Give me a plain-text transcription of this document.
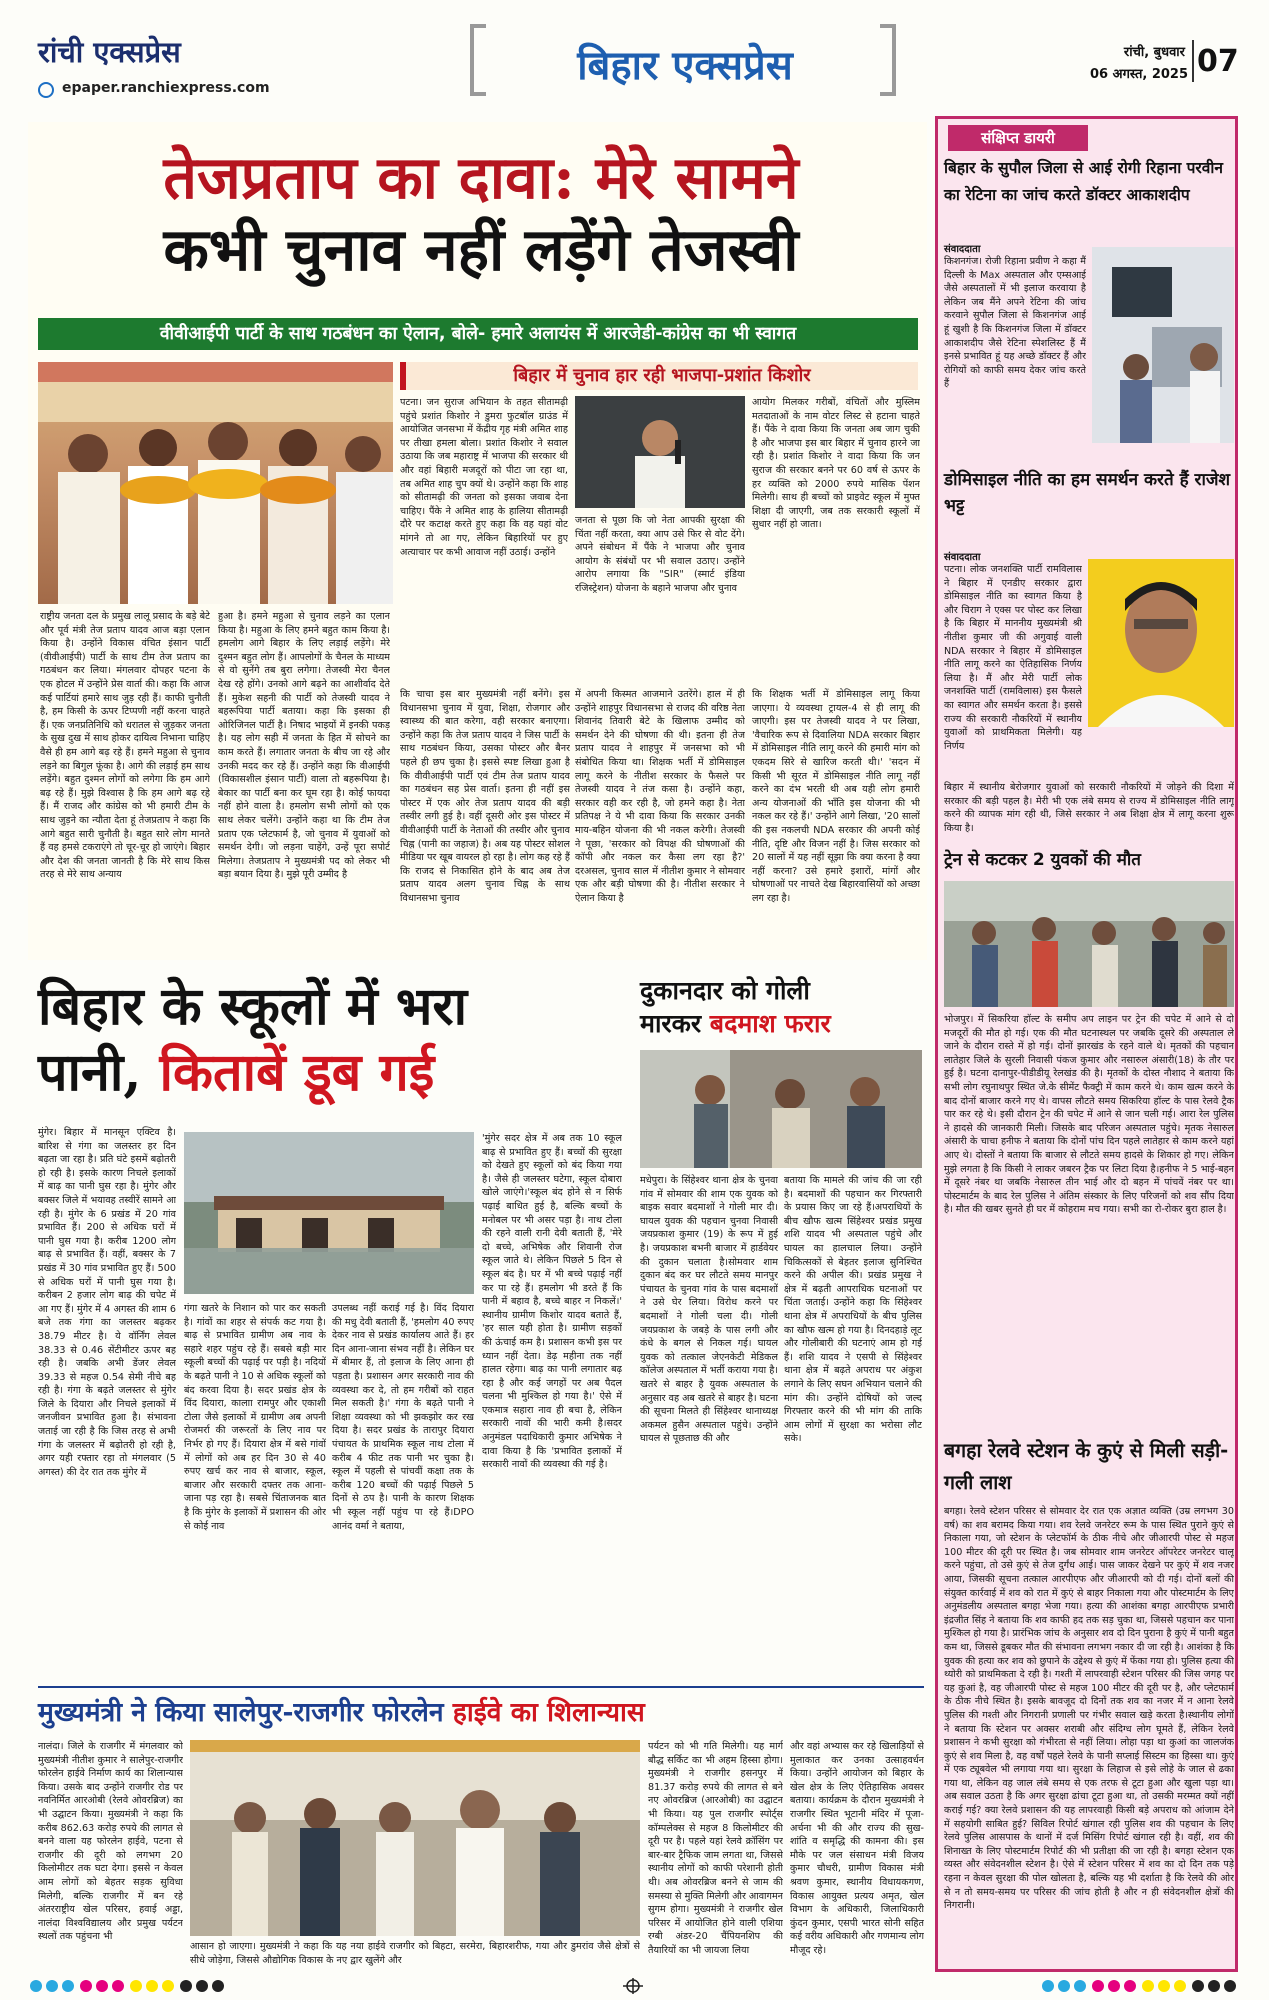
रांची एक्सप्रेस
epaper.ranchiexpress.com	बिहार एक्सप्रेस	रांची, बुधवार
06 अगस्त, 2025 07
तेजप्रताप का दावा: मेरे सामने
कभी चुनाव नहीं लड़ेंगे तेजस्वी
वीवीआईपी पार्टी के साथ गठबंधन का ऐलान, बोले- हमारे अलायंस में आरजेडी-कांग्रेस का भी स्वागत
राष्ट्रीय जनता दल के प्रमुख लालू प्रसाद के बड़े बेटे और पूर्व मंत्री तेज प्रताप यादव आज बड़ा एलान किया है। उन्होंने विकास वंचित इंसान पार्टी (वीवीआईपी) पार्टी के साथ टीम तेज प्रताप का गठबंधन कर लिया। मंगलवार दोपहर पटना के एक होटल में उन्होंने प्रेस वार्ता की। कहा कि आज कई पार्टियां हमारे साथ जुड़ रही हैं। काफी चुनौती है, हम किसी के ऊपर टिप्पणी नहीं करना चाहते हैं। एक जनप्रतिनिधि को धरातल से जुड़कर जनता के सुख दुख में साथ होकर दायित्व निभाना चाहिए वैसे ही हम आगे बढ़ रहे हैं। हमने महुआ से चुनाव लड़ने का बिगुल फूंका है। आगे की लड़ाई हम साथ लड़ेंगे। बहुत दुश्मन लोगों को लगेगा कि हम आगे बढ़ रहे हैं। मुझे विश्वास है कि हम आगे बढ़ रहे हैं। मैं राजद और कांग्रेस को भी हमारी टीम के साथ जुड़ने का न्यौता देता हूं तेजप्रताप ने कहा कि आगे बहुत सारी चुनौती है। बहुत सारे लोग मानते हैं वह हमसे टकराएंगे तो चूर-चूर हो जाएंगे। बिहार और देश की जनता जानती है कि मेरे साथ किस तरह से मेरे साथ अन्याय
हुआ है। हमने महुआ से चुनाव लड़ने का एलान किया है। महुआ के लिए हमने बहुत काम किया है। हमलोग आगे बिहार के लिए लड़ाई लड़ेंगे। मेरे दुश्मन बहुत लोग हैं। आपलोगों के चैनल के माध्यम से वो सुनेंगे तब बुरा लगेगा। तेजस्वी मेरा चैनल देख रहे होंगे। उनको आगे बढ़ने का आशीर्वाद देते हैं। मुकेश सहनी की पार्टी को तेजस्वी यादव ने बहरूपिया पार्टी बताया। कहा कि इसका ही ओरिजिनल पार्टी है। निषाद भाइयों में इनकी पकड़ है। यह लोग सही में जनता के हित में सोचने का काम करते हैं। लगातार जनता के बीच जा रहे और उनकी मदद कर रहे हैं। उन्होंने कहा कि वीआईपी (विकासशील इंसान पार्टी) वाला तो बहरूपिया है। बेकार का पार्टी बना कर घूम रहा है। कोई फायदा नहीं होने वाला है। हमलोग सभी लोगों को एक साथ लेकर चलेंगे। उन्होंने कहा था कि टीम तेज प्रताप एक प्लेटफार्म है, जो चुनाव में युवाओं को समर्थन देगी। जो लड़ना चाहेंगे, उन्हें पूरा सपोर्ट मिलेगा। तेजप्रताप ने मुख्यमंत्री पद को लेकर भी बड़ा बयान दिया है। मुझे पूरी उम्मीद है
बिहार में चुनाव हार रही भाजपा-प्रशांत किशोर
पटना। जन सुराज अभियान के तहत सीतामढ़ी पहुंचे प्रशांत किशोर ने डुमरा फुटबॉल ग्राउंड में आयोजित जनसभा में केंद्रीय गृह मंत्री अमित शाह पर तीखा हमला बोला। प्रशांत किशोर ने सवाल उठाया कि जब महाराष्ट्र में भाजपा की सरकार थी और वहां बिहारी मजदूरों को पीटा जा रहा था, तब अमित शाह चुप क्यों थे। उन्होंने कहा कि शाह को सीतामढ़ी की जनता को इसका जवाब देना चाहिए। पैंके ने अमित शाह के हालिया सीतामढ़ी दौरे पर कटाक्ष करते हुए कहा कि वह यहां वोट मांगने तो आ गए, लेकिन बिहारियों पर हुए अत्याचार पर कभी आवाज नहीं उठाई। उन्होंने
जनता से पूछा कि जो नेता आपकी सुरक्षा की चिंता नहीं करता, क्या आप उसे फिर से वोट देंगे। अपने संबोधन में पैंके ने भाजपा और चुनाव आयोग के संबंधों पर भी सवाल उठाए। उन्होंने आरोप लगाया कि "SIR" (स्मार्ट इंडिया रजिस्ट्रेशन) योजना के बहाने भाजपा और चुनाव
आयोग मिलकर गरीबों, वंचितों और मुस्लिम मतदाताओं के नाम वोटर लिस्ट से हटाना चाहते हैं। पैंके ने दावा किया कि जनता अब जाग चुकी है और भाजपा इस बार बिहार में चुनाव हारने जा रही है। प्रशांत किशोर ने वादा किया कि जन सुराज की सरकार बनने पर 60 वर्ष से ऊपर के हर व्यक्ति को 2000 रुपये मासिक पेंशन मिलेगी। साथ ही बच्चों को प्राइवेट स्कूल में मुफ्त शिक्षा दी जाएगी, जब तक सरकारी स्कूलों में सुधार नहीं हो जाता।
कि चाचा इस बार मुख्यमंत्री नहीं बनेंगे। इस विधानसभा चुनाव में युवा, शिक्षा, रोजगार और स्वास्थ्य की बात करेगा, वही सरकार बनाएगा। उन्होंने कहा कि तेज प्रताप यादव ने जिस पार्टी के साथ गठबंधन किया, उसका पोस्टर और बैनर पहले ही छप चुका है। इससे स्पष्ट लिखा हुआ है कि वीवीआईपी पार्टी एवं टीम तेज प्रताप यादव का गठबंधन सह प्रेस वार्ता। इतना ही नहीं इस पोस्टर में एक ओर तेज प्रताप यादव की बड़ी तस्वीर लगी हुई है। वहीं दूसरी ओर इस पोस्टर में वीवीआईपी पार्टी के नेताओं की तस्वीर और चुनाव चिह्न (पानी का जहाज) है। अब यह पोस्टर सोशल मीडिया पर खूब वायरल हो रहा है। लोग कह रहे हैं कि राजद से निकासित होने के बाद अब तेज प्रताप यादव अलग चुनाव चिह्न के साथ विधानसभा चुनाव
में अपनी किस्मत आजमाने उतरेंगे। हाल में ही उन्होंने शाहपुर विधानसभा से राजद की वरिष्ठ नेता शिवानंद तिवारी बेटे के खिलाफ उम्मीद को समर्थन देने की घोषणा की थी। इतना ही तेज प्रताप यादव ने शाहपुर में जनसभा को भी संबोधित किया था। शिक्षक भर्ती में डोमिसाइल लागू करने के नीतीश सरकार के फैसले पर तेजस्वी यादव ने तंज कसा है। उन्होंने कहा, सरकार वही कर रही है, जो हमने कहा है। नेता प्रतिपक्ष ने ये भी दावा किया कि सरकार उनकी माय-बहिन योजना की भी नकल करेगी। तेजस्वी ने पूछा, 'सरकार को विपक्ष की घोषणाओं की कॉपी और नकल कर कैसा लग रहा है?' दरअसल, चुनाव साल में नीतीश कुमार ने सोमवार एक और बड़ी घोषणा की है। नीतीश सरकार ने ऐलान किया है
कि शिक्षक भर्ती में डोमिसाइल लागू किया जाएगा। ये व्यवस्था ट्रायल-4 से ही लागू की जाएगी। इस पर तेजस्वी यादव ने पर लिखा, 'वैचारिक रूप से दिवालिया NDA सरकार बिहार में डोमिसाइल नीति लागू करने की हमारी मांग को एकदम सिरे से खारिज करती थी।' 'सदन में किसी भी सूरत में डोमिसाइल नीति लागू नहीं करने का दंभ भरती थी अब यही लोग हमारी अन्य योजनाओं की भाँति इस योजना की भी नकल कर रहे हैं।' उन्होंने आगे लिखा, '20 सालों की इस नकलची NDA सरकार की अपनी कोई नीति, दृष्टि और विजन नहीं है। जिस सरकार को 20 सालों में यह नहीं सूझा कि क्या करना है क्या नहीं करना? उसे हमारे इशारों, मांगों और घोषणाओं पर नाचते देख बिहारवासियों को अच्छा लग रहा है।
बिहार के स्कूलों में भरा
पानी, किताबें डूब गई
मुंगेर। बिहार में मानसून एक्टिव है। बारिश से गंगा का जलस्तर हर दिन बढ़ता जा रहा है। प्रति घंटे इसमें बढ़ोतरी हो रही है। इसके कारण निचले इलाकों में बाढ़ का पानी घुस रहा है। मुंगेर और बक्सर जिले में भयावह तस्वीरें सामने आ रही है। मुंगेर के 6 प्रखंड में 20 गांव प्रभावित हैं। 200 से अधिक घरों में पानी घुस गया है। करीब 1200 लोग बाढ़ से प्रभावित हैं। वहीं, बक्सर के 7 प्रखंड में 30 गांव प्रभावित हुए हैं। 500 से अधिक घरों में पानी घुस गया है। करीबन 2 हजार लोग बाढ़ की चपेट में आ गए हैं। मुंगेर में 4 अगस्त की शाम 6 बजे तक गंगा का जलस्तर बढ़कर 38.79 मीटर है। ये वॉर्निंग लेवल 38.33 से 0.46 सेंटीमीटर ऊपर बह रही है। जबकि अभी डेंजर लेवल 39.33 से महज 0.54 सेमी नीचे बह रही है। गंगा के बढ़ते जलस्तर से मुंगेर जिले के दियारा और निचले इलाकों में जनजीवन प्रभावित हुआ है। संभावना जताई जा रही है कि जिस तरह से अभी गंगा के जलस्तर में बढ़ोतरी हो रही है, अगर यही रफ्तार रहा तो मंगलवार (5 अगस्त) की देर रात तक मुंगेर में
गंगा खतरे के निशान को पार कर सकती है। गांवों का शहर से संपर्क कट गया है। बाढ़ से प्रभावित ग्रामीण अब नाव के सहारे शहर पहुंच रहे हैं। सबसे बड़ी मार स्कूली बच्चों की पढ़ाई पर पड़ी है। नदियों के बढ़ते पानी ने 10 से अधिक स्कूलों को बंद करवा दिया है। सदर प्रखंड क्षेत्र के विंद दियारा, कालाा रामपुर और एकाशी टोला जैसे इलाकों में ग्रामीण अब अपनी रोजमर्रा की जरूरतों के लिए नाव पर निर्भर हो गए हैं। दियारा क्षेत्र में बसे गांवों में लोगों को अब हर दिन 30 से 40 रुपए खर्च कर नाव से बाजार, स्कूल, बाजार और सरकारी दफ्तर तक आना-जाना पड़ रहा है। सबसे चिंताजनक बात है कि मुंगेर के इलाकों में प्रशासन की ओर से कोई नाव
उपलब्ध नहीं कराई गई है। विंद दियारा की मधु देवी बताती हैं, 'हमलोग 40 रुपए देकर नाव से प्रखंड कार्यालय आते हैं। हर दिन आना-जाना संभव नहीं है। लेकिन घर में बीमार हैं, तो इलाज के लिए आना ही पड़ता है। प्रशासन अगर सरकारी नाव की व्यवस्था कर दे, तो हम गरीबों को राहत मिल सकती है।' गंगा के बढ़ते पानी ने शिक्षा व्यवस्था को भी झकझोर कर रख दिया है। सदर प्रखंड के तारापुर दियारा पंचायत के प्राथमिक स्कूल नाथ टोला में करीब 4 फीट तक पानी भर चुका है। स्कूल में पहली से पांचवीं कक्षा तक के करीब 120 बच्चों की पढ़ाई पिछले 5 दिनों से ठप है। पानी के कारण शिक्षक भी स्कूल नहीं पहुंच पा रहे हैं।DPO आनंद वर्मा ने बताया,
'मुंगेर सदर क्षेत्र में अब तक 10 स्कूल बाढ़ से प्रभावित हुए हैं। बच्चों की सुरक्षा को देखते हुए स्कूलों को बंद किया गया है। जैसे ही जलस्तर घटेगा, स्कूल दोबारा खोले जाएंगे।'स्कूल बंद होने से न सिर्फ पढ़ाई बाधित हुई है, बल्कि बच्चों के मनोबल पर भी असर पड़ा है। नाथ टोला की रहने वाली रानी देवी बताती हैं, 'मेरे दो बच्चे, अभिषेक और शिवानी रोज स्कूल जाते थे। लेकिन पिछले 5 दिन से स्कूल बंद है। घर में भी बच्चे पढ़ाई नहीं कर पा रहे हैं। हमलोग भी डरते हैं कि पानी में बहाव है, बच्चे बाहर न निकलें।' स्थानीय ग्रामीण किशोर यादव बताते हैं, 'हर साल यही होता है। ग्रामीण सड़कों की ऊंचाई कम है। प्रशासन कभी इस पर ध्यान नहीं देता। डेढ़ महीना तक नहीं हालत रहेगा। बाढ़ का पानी लगातार बढ़ रहा है और कई जगहों पर अब पैदल चलना भी मुश्किल हो गया है।' ऐसे में एकमात्र सहारा नाव ही बचा है, लेकिन सरकारी नावों की भारी कमी है।सदर अनुमंडल पदाधिकारी कुमार अभिषेक ने दावा किया है कि 'प्रभावित इलाकों में सरकारी नावों की व्यवस्था की गई है।
दुकानदार को गोली
मारकर बदमाश फरार
मधेपुरा। के सिंहेश्वर थाना क्षेत्र के चुनवा गांव में सोमवार की शाम एक युवक को बाइक सवार बदमाशों ने गोली मार दी। घायल युवक की पहचान चुनवा निवासी जयप्रकाश कुमार (19) के रूप में हुई है। जयप्रकाश बभनी बाजार में हार्डवेयर की दुकान चलाता है।सोमवार शाम दुकान बंद कर घर लौटते समय मानपुर पंचायत के चुनवा गांव के पास बदमाशों ने उसे घेर लिया। विरोध करने पर बदमाशों ने गोली चला दी। गोली जयप्रकाश के जबड़े के पास लगी और कंधे के बगल से निकल गई। घायल युवक को तत्काल जेएनकेटी मेडिकल कॉलेज अस्पताल में भर्ती कराया गया है। खतरे से बाहर है युवक अस्पताल के अनुसार वह अब खतरे से बाहर है। घटना की सूचना मिलते ही सिंहेश्वर थानाध्यक्ष अकमल हुसैन अस्पताल पहुंचे। उन्होंने घायल से पूछताछ की और
बताया कि मामले की जांच की जा रही है। बदमाशों की पहचान कर गिरफ्तारी के प्रयास किए जा रहे हैं।अपराधियों के बीच खौफ खत्म सिंहेश्वर प्रखंड प्रमुख शशि यादव भी अस्पताल पहुंचे और घायल का हालचाल लिया। उन्होंने चिकित्सकों से बेहतर इलाज सुनिश्चित करने की अपील की। प्रखंड प्रमुख ने क्षेत्र में बढ़ती आपराधिक घटनाओं पर चिंता जताई। उन्होंने कहा कि सिंहेश्वर थाना क्षेत्र में अपराधियों के बीच पुलिस का खौफ खत्म हो गया है। दिनदहाड़े लूट और गोलीबारी की घटनाएं आम हो गई हैं। शशि यादव ने एसपी से सिंहेश्वर थाना क्षेत्र में बढ़ते अपराध पर अंकुश लगाने के लिए सघन अभियान चलाने की मांग की। उन्होंने दोषियों को जल्द गिरफ्तार करने की भी मांग की ताकि आम लोगों में सुरक्षा का भरोसा लौट सके।
मुख्यमंत्री ने किया सालेपुर-राजगीर फोरलेन हाईवे का शिलान्यास
नालंदा। जिले के राजगीर में मंगलवार को मुख्यमंत्री नीतीश कुमार ने सालेपुर-राजगीर फोरलेन हाईवे निर्माण कार्य का शिलान्यास किया। उसके बाद उन्होंने राजगीर रोड पर नवनिर्मित आरओबी (रेलवे ओवरब्रिज) का भी उद्घाटन किया। मुख्यमंत्री ने कहा कि करीब 862.63 करोड़ रुपये की लागत से बनने वाला यह फोरलेन हाईवे, पटना से राजगीर की दूरी को लगभग 20 किलोमीटर तक घटा देगा। इससे न केवल आम लोगों को बेहतर सड़क सुविधा मिलेगी, बल्कि राजगीर में बन रहे अंतरराष्ट्रीय खेल परिसर, हवाई अड्डा, नालंदा विश्वविद्यालय और प्रमुख पर्यटन स्थलों तक पहुंचना भी
आसान हो जाएगा। मुख्यमंत्री ने कहा कि यह नया हाईवे राजगीर को बिहटा, सरमेरा, बिहारशरीफ, गया और डुमरांव जैसे क्षेत्रों से सीधे जोड़ेगा, जिससे औद्योगिक विकास के नए द्वार खुलेंगे और
पर्यटन को भी गति मिलेगी। यह मार्ग बौद्ध सर्किट का भी अहम हिस्सा होगा।मुख्यमंत्री ने राजगीर हसनपुर में 81.37 करोड़ रुपये की लागत से बने नए ओवरब्रिज (आरओबी) का उद्घाटन भी किया। यह पुल राजगीर स्पोर्ट्स कॉम्पलेक्स से महज 8 किलोमीटर की दूरी पर है। पहले यहां रेलवे क्रॉसिंग पर बार-बार ट्रैफिक जाम लगता था, जिससे स्थानीय लोगों को काफी परेशानी होती थी। अब ओवरब्रिज बनने से जाम की समस्या से मुक्ति मिलेगी और आवागमन सुगम होगा। मुख्यमंत्री ने राजगीर खेल परिसर में आयोजित होने वाली एशिया रग्बी अंडर-20 चैंपियनशिप की तैयारियों का भी जायजा लिया
और वहां अभ्यास कर रहे खिलाड़ियों से मुलाकात कर उनका उत्साहवर्धन किया। उन्होंने आयोजन को बिहार के खेल क्षेत्र के लिए ऐतिहासिक अवसर बताया। कार्यक्रम के दौरान मुख्यमंत्री ने राजगीर स्थित भूटानी मंदिर में पूजा-अर्चना भी की और राज्य की सुख-शांति व समृद्धि की कामना की। इस मौके पर जल संसाधन मंत्री विजय कुमार चौधरी, ग्रामीण विकास मंत्री श्रवण कुमार, स्थानीय विधायकगण, विकास आयुक्त प्रत्यय अमृत, खेल विभाग के अधिकारी, जिलाधिकारी कुंदन कुमार, एसपी भारत सोनी सहित कई वरीय अधिकारी और गणमान्य लोग मौजूद रहे।
संक्षिप्त डायरी
बिहार के सुपौल जिला से आई रोगी रिहाना परवीन का रेटिना का जांच करते डॉक्टर आकाशदीप
संवाददाता
किशनगंज। रोजी रिहाना प्रवीण ने कहा मैं दिल्ली के Max अस्पताल और एम्सआई जैसे अस्पतालों में भी इलाज करवाया है लेकिन जब मैंने अपने रेटिना की जांच करवाने सुपौल जिला से किशनगंज आई हूं खुशी है कि किशनगंज जिला में डॉक्टर आकाशदीप जैसे रेटिना स्पेशलिस्ट हैं मैं इनसे प्रभावित हूं यह अच्छे डॉक्टर हैं और रोगियों को काफी समय देकर जांच करते हैं
डोमिसाइल नीति का हम समर्थन करते हैं राजेश भट्ट
संवाददाता
पटना। लोक जनशक्ति पार्टी रामविलास ने बिहार में एनडीए सरकार द्वारा डोमिसाइल नीति का स्वागत किया है और चिराग ने एक्स पर पोस्ट कर लिखा है कि बिहार में माननीय मुख्यमंत्री श्री नीतीश कुमार जी की अगुवाई वाली NDA सरकार ने बिहार में डोमिसाइल नीति लागू करने का ऐतिहासिक निर्णय लिया है। मैं और मेरी पार्टी लोक जनशक्ति पार्टी (रामविलास) इस फैसले का स्वागत और समर्थन करता है। इससे राज्य की सरकारी नौकरियों में स्थानीय युवाओं को प्राथमिकता मिलेगी। यह निर्णय
बिहार में स्थानीय बेरोजगार युवाओं को सरकारी नौकरियों में जोड़ने की दिशा में सरकार की बड़ी पहल है। मेरी भी एक लंबे समय से राज्य में डोमिसाइल नीति लागू करने की व्यापक मांग रही थी, जिसे सरकार ने अब शिक्षा क्षेत्र में लागू करना शुरू किया है।
ट्रेन से कटकर 2 युवकों की मौत
भोजपुर। में सिकरिया हॉल्ट के समीप अप लाइन पर ट्रेन की चपेट में आने से दो मजदूरों की मौत हो गई। एक की मौत घटनास्थल पर जबकि दूसरे की अस्पताल ले जाने के दौरान रास्ते में हो गई। दोनों झारखंड के रहने वाले थे। मृतकों की पहचान लातेहार जिले के सुरली निवासी पंकज कुमार और नसारुल अंसारी(18) के तौर पर हुई है। घटना दानापुर-पीडीडीयू रेलखंड की है। मृतकों के दोस्त नौशाद ने बताया कि सभी लोग रघुनाथपुर स्थित जे.के सीमेंट फैक्ट्री में काम करने थे। काम खत्म करने के बाद दोनों बाजार करने गए थे। वापस लौटते समय सिकरिया हॉल्ट के पास रेलवे ट्रैक पार कर रहे थे। इसी दौरान ट्रेन की चपेट में आने से जान चली गई। आरा रेल पुलिस ने हादसे की जानकारी मिली। जिसके बाद परिजन अस्पताल पहुंचे। मृतक नेसारुल अंसारी के चाचा हनीफ ने बताया कि दोनों पांच दिन पहले लातेहार से काम करने यहां आए थे। दोस्तों ने बताया कि बाजार से लौटते समय हादसे के शिकार हो गए। लेकिन मुझे लगता है कि किसी ने लाकर जबरन ट्रैक पर लिटा दिया है।हनीफ ने 5 भाई-बहन में दूसरे नंबर था जबकि नेसारुल तीन भाई और दो बहन में पांचवें नंबर पर था। पोस्टमार्टम के बाद रेल पुलिस ने अंतिम संस्कार के लिए परिजनों को शव सौंप दिया है। मौत की खबर सुनते ही घर में कोहराम मच गया। सभी का रो-रोकर बुरा हाल है।
बगहा रेलवे स्टेशन के कुएं से मिली सड़ी-गली लाश
बगहा। रेलवे स्टेशन परिसर से सोमवार देर रात एक अज्ञात व्यक्ति (उम्र लगभग 30 वर्ष) का शव बरामद किया गया। शव रेलवे जनरेटर रूम के पास स्थित पुराने कुएं से निकाला गया, जो स्टेशन के प्लेटफॉर्म के ठीक नीचे और जीआरपी पोस्ट से महज 100 मीटर की दूरी पर स्थित है। जब सोमवार शाम जनरेटर ऑपरेटर जनरेटर चालू करने पहुंचा, तो उसे कुएं से तेज दुर्गंध आई। पास जाकर देखने पर कुएं में शव नजर आया, जिसकी सूचना तत्काल आरपीएफ और जीआरपी को दी गई। दोनों बलों की संयुक्त कार्रवाई में शव को रात में कुएं से बाहर निकाला गया और पोस्टमार्टम के लिए अनुमंडलीय अस्पताल बगहा भेजा गया। हत्या की आशंका बगहा आरपीएफ प्रभारी इंद्रजीत सिंह ने बताया कि शव काफी हद तक सड़ चुका था, जिससे पहचान कर पाना मुश्किल हो गया है। प्रारंभिक जांच के अनुसार शव दो दिन पुराना है कुएं में पानी बहुत कम था, जिससे डूबकर मौत की संभावना लगभग नकार दी जा रही है। आशंका है कि युवक की हत्या कर शव को छुपाने के उद्देश्य से कुएं में फेंका गया हो। पुलिस हत्या की थ्योरी को प्राथमिकता दे रही है। गश्ती में लापरवाही स्टेशन परिसर की जिस जगह पर यह कुआं है, वह जीआरपी पोस्ट से महज 100 मीटर की दूरी पर है, और प्लेटफार्म के ठीक नीचे स्थित है। इसके बावजूद दो दिनों तक शव का नजर में न आना रेलवे पुलिस की गश्ती और निगरानी प्रणाली पर गंभीर सवाल खड़े करता है।स्थानीय लोगों ने बताया कि स्टेशन पर अक्सर शराबी और संदिग्ध लोग घूमते हैं, लेकिन रेलवे प्रशासन ने कभी सुरक्षा को गंभीरता से नहीं लिया। लोहा पड़ा था कुआं का जालजंक कुएं से शव मिला है, वह वर्षों पहले रेलवे के पानी सप्लाई सिस्टम का हिस्सा था। कुएं में एक ट्यूबवेल भी लगाया गया था। सुरक्षा के लिहाज से इसे लोहे के जाल से ढका गया था, लेकिन वह जाल लंबे समय से एक तरफ से टूटा हुआ और खुला पड़ा था।अब सवाल उठता है कि अगर सुरक्षा ढांचा टूटा हुआ था, तो उसकी मरम्मत क्यों नहीं कराई गई? क्या रेलवे प्रशासन की यह लापरवाही किसी बड़े अपराध को आंजाम देने में सहयोगी साबित हुई? सिविल रिपोर्ट खंगाल रही पुलिस शव की पहचान के लिए रेलवे पुलिस आसपास के थानों में दर्ज मिसिंग रिपोर्ट खंगाल रही है। वहीं, शव की शिनाख्त के लिए पोस्टमार्टम रिपोर्ट की भी प्रतीक्षा की जा रही है। बगहा स्टेशन एक व्यस्त और संवेदनशील स्टेशन है। ऐसे में स्टेशन परिसर में शव का दो दिन तक पड़े रहना न केवल सुरक्षा की पोल खोलता है, बल्कि यह भी दर्शाता है कि रेलवे की ओर से न तो समय-समय पर परिसर की जांच होती है और न ही संवेदनशील क्षेत्रों की निगरानी।
